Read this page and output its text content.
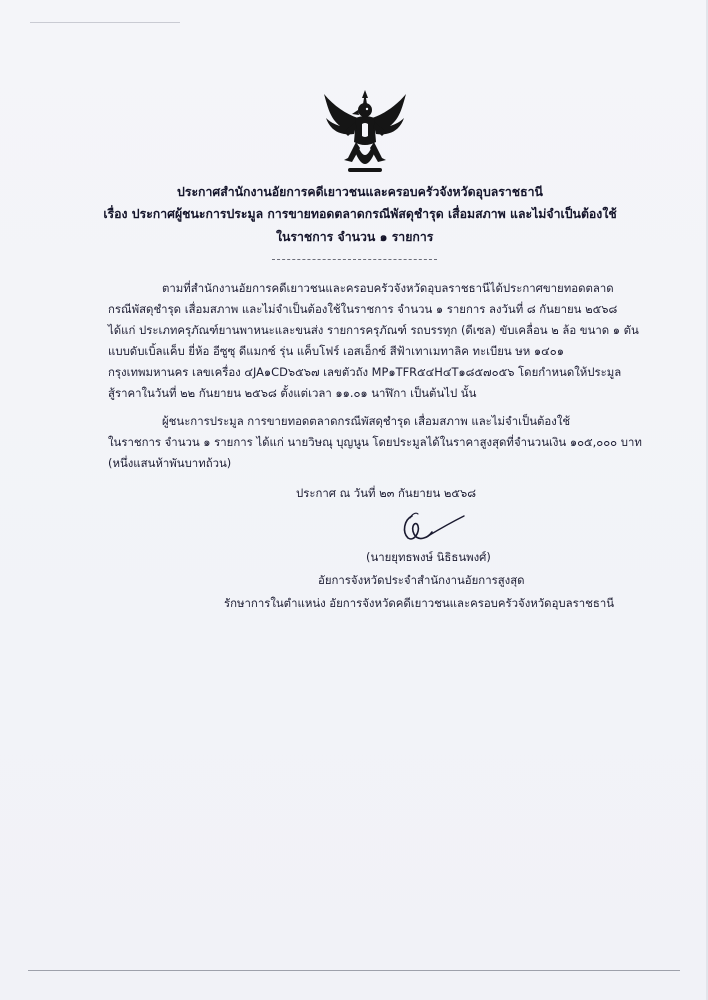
ประกาศสำนักงานอัยการคดีเยาวชนและครอบครัวจังหวัดอุบลราชธานี
เรื่อง ประกาศผู้ชนะการประมูล การขายทอดตลาดกรณีพัสดุชำรุด เสื่อมสภาพ และไม่จำเป็นต้องใช้
ในราชการ จำนวน ๑ รายการ
ตามที่สำนักงานอัยการคดีเยาวชนและครอบครัวจังหวัดอุบลราชธานีได้ประกาศขายทอดตลาด
กรณีพัสดุชำรุด เสื่อมสภาพ และไม่จำเป็นต้องใช้ในราชการ จำนวน ๑ รายการ ลงวันที่ ๘ กันยายน ๒๕๖๘
ได้แก่ ประเภทครุภัณฑ์ยานพาหนะและขนส่ง รายการครุภัณฑ์ รถบรรทุก (ดีเซล) ขับเคลื่อน ๒ ล้อ ขนาด ๑ ตัน
แบบดับเบิ้ลแค็บ ยี่ห้อ อีซูซุ ดีแมกซ์ รุ่น แค็บโฟร์ เอสเอ็กซ์ สีฟ้าเทาเมทาลิค ทะเบียน ษห ๑๔๐๑
กรุงเทพมหานคร เลขเครื่อง ๔JA๑CD๖๕๖๗ เลขตัวถัง MP๑TFR๕๔H๔T๑๘๕๗๐๕๖ โดยกำหนดให้ประมูล
สู้ราคาในวันที่ ๒๒ กันยายน ๒๕๖๘ ตั้งแต่เวลา ๑๑.๐๑ นาฬิกา เป็นต้นไป นั้น
ผู้ชนะการประมูล การขายทอดตลาดกรณีพัสดุชำรุด เสื่อมสภาพ และไม่จำเป็นต้องใช้
ในราชการ จำนวน ๑ รายการ ได้แก่ นายวิษณุ บุญนูน โดยประมูลได้ในราคาสูงสุดที่จำนวนเงิน ๑๐๕,๐๐๐ บาท
(หนึ่งแสนห้าพันบาทถ้วน)
ประกาศ ณ วันที่ ๒๓ กันยายน ๒๕๖๘
(นายยุทธพงษ์ นิธิธนพงศ์)
อัยการจังหวัดประจำสำนักงานอัยการสูงสุด
รักษาการในตำแหน่ง อัยการจังหวัดคดีเยาวชนและครอบครัวจังหวัดอุบลราชธานี
